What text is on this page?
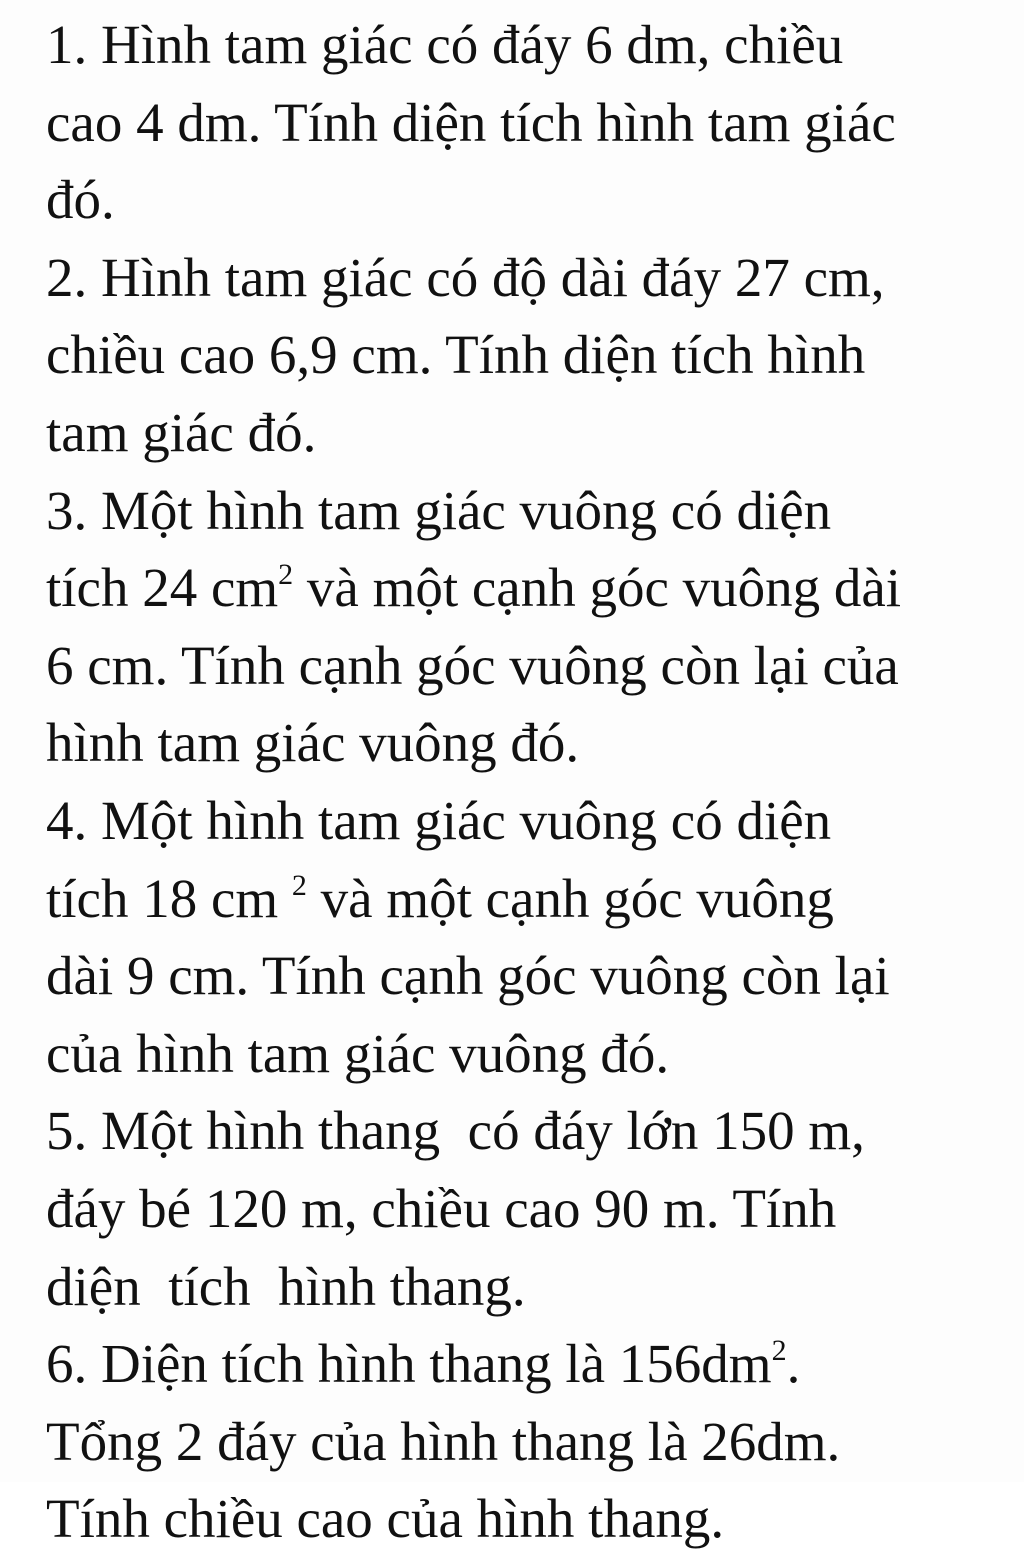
1. Hình tam giác có đáy 6 dm, chiều
cao 4 dm. Tính diện tích hình tam giác
đó.
2. Hình tam giác có độ dài đáy 27 cm,
chiều cao 6,9 cm. Tính diện tích hình
tam giác đó.
3. Một hình tam giác vuông có diện
tích 24 $cm^2$ và một cạnh góc vuông dài
6 cm. Tính cạnh góc vuông còn lại của
hình tam giác vuông đó.
4. Một hình tam giác vuông có diện
tích 18 cm $^2$ và một cạnh góc vuông
dài 9 cm. Tính cạnh góc vuông còn lại
của hình tam giác vuông đó.
5. Một hình thang  có đáy lớn 150 m,
đáy bé 120 m, chiều cao 90 m. Tính
diện  tích  hình thang.
6. Diện tích hình thang là $156dm^2$.
Tổng 2 đáy của hình thang là 26dm.
Tính chiều cao của hình thang.
